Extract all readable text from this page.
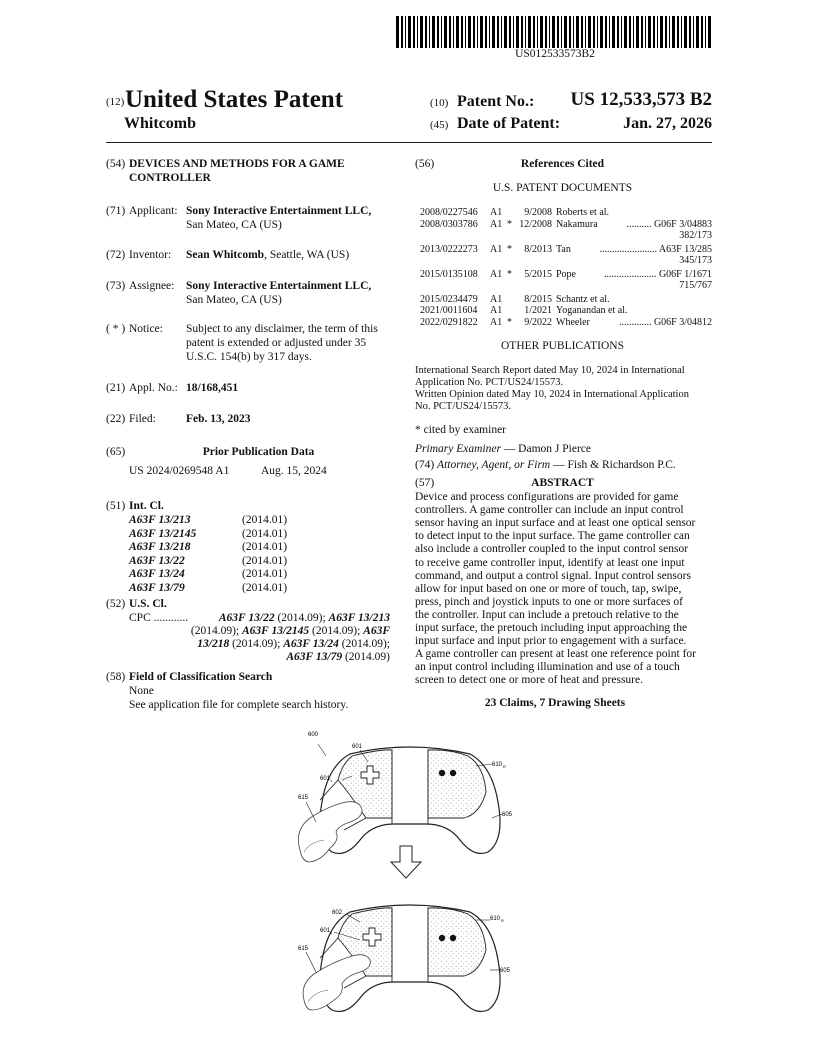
US012533573B2
(12) United States Patent
Whitcomb
(10) Patent No.:	US 12,533,573 B2
(45) Date of Patent:	Jan. 27, 2026
(54) DEVICES AND METHODS FOR A GAME
CONTROLLER
(71) Applicant: Sony Interactive Entertainment LLC,
San Mateo, CA (US)
(72) Inventor: Sean Whitcomb, Seattle, WA (US)
(73) Assignee: Sony Interactive Entertainment LLC,
San Mateo, CA (US)
( * ) Notice: Subject to any disclaimer, the term of this
patent is extended or adjusted under 35
U.S.C. 154(b) by 317 days.
(21) Appl. No.: 18/168,451
(22) Filed:	Feb. 13, 2023
(65)	Prior Publication Data
US 2024/0269548 A1	Aug. 15, 2024
(51) Int. Cl.
A63F 13/213	(2014.01)
A63F 13/2145	(2014.01)
A63F 13/218	(2014.01)
A63F 13/22	(2014.01)
A63F 13/24	(2014.01)
A63F 13/79	(2014.01)
(52) U.S. Cl.
CPC ............	A63F 13/22 (2014.09); A63F 13/213
(2014.09); A63F 13/2145 (2014.09); A63F
13/218 (2014.09); A63F 13/24 (2014.09);
A63F 13/79 (2014.09)
(58) Field of Classification Search
None
See application file for complete search history.
(56)	References Cited
U.S. PATENT DOCUMENTS
2008/0227546 A1	9/2008 Roberts et al.
2008/0303786 A1 * 12/2008 Nakamura	.......... G06F 3/04883
382/173
2013/0222273 A1 *	8/2013 Tan	....................... A63F 13/285
345/173
2015/0135108 A1 *	5/2015 Pope	..................... G06F 1/1671
715/767
2015/0234479 A1	8/2015 Schantz et al.
2021/0011604 A1	1/2021 Yoganandan et al.
2022/0291822 A1 *	9/2022 Wheeler	............. G06F 3/04812
OTHER PUBLICATIONS
International Search Report dated May 10, 2024 in International
Application No. PCT/US24/15573.
Written Opinion dated May 10, 2024 in International Application
No. PCT/US24/15573.
* cited by examiner
Primary Examiner — Damon J Pierce
(74) Attorney, Agent, or Firm — Fish & Richardson P.C.
(57)	ABSTRACT
Device and process configurations are provided for game
controllers. A game controller can include an input control
sensor having an input surface and at least one optical sensor
to detect input to the input surface. The game controller can
also include a controller coupled to the input control sensor
to receive game controller input, identify at least one input
command, and output a control signal. Input control sensors
allow for input based on one or more of touch, tap, swipe,
press, pinch and joystick inputs to one or more surfaces of
the controller. Input can include a pretouch relative to the
input surface, the pretouch including input approaching the
input surface and input prior to engagement with a surface.
A game controller can present at least one reference point for
an input control including illumination and use of a touch
screen to detect one or more of heat and pressure.
23 Claims, 7 Drawing Sheets
600
601
601 1
615
610 R
605
602
601 1
615
610 R
605
